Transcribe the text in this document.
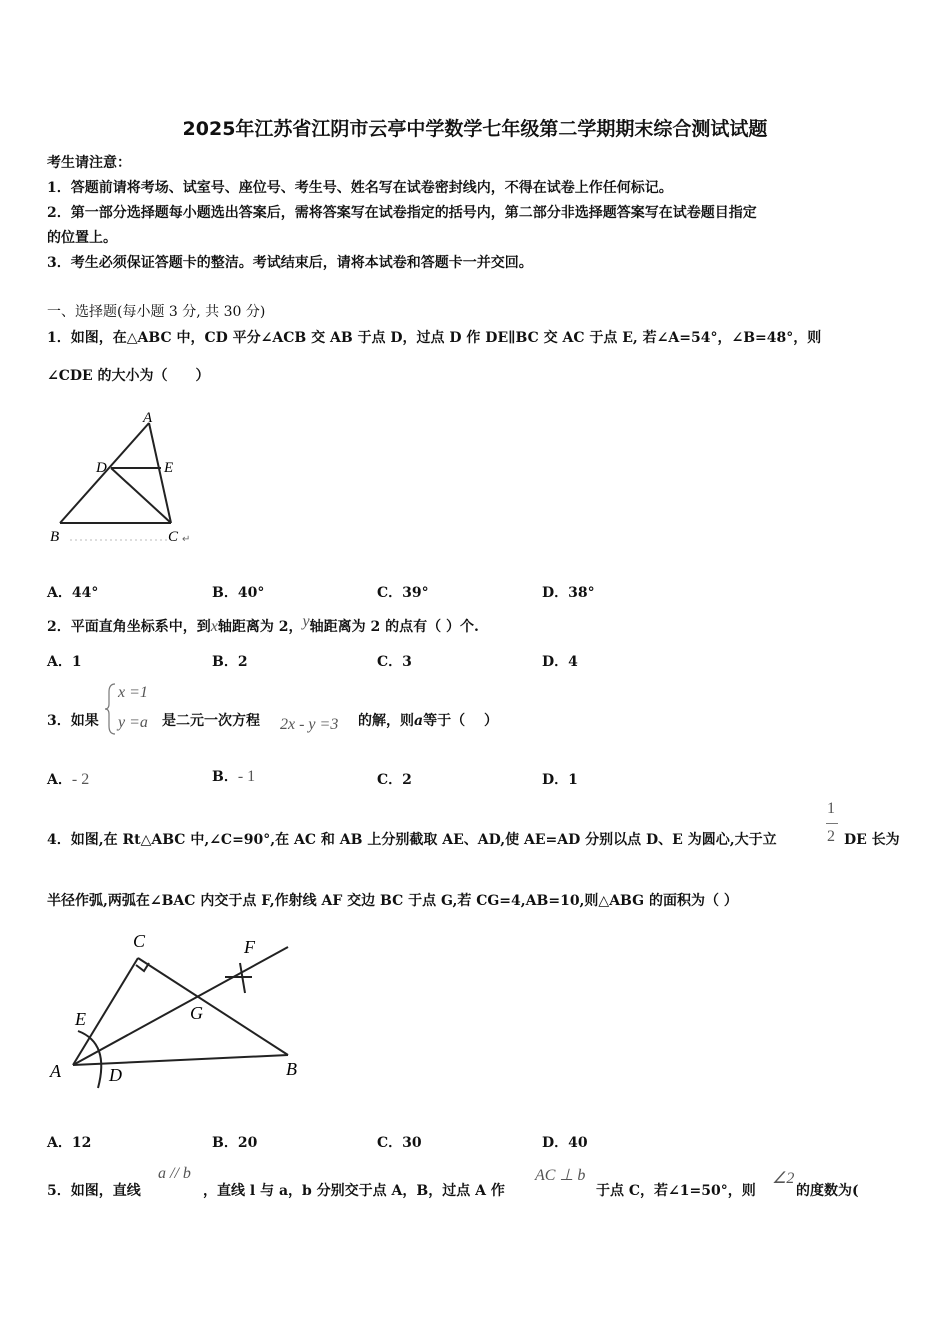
2025年江苏省江阴市云亭中学数学七年级第二学期期末综合测试试题
考生请注意：
1．答题前请将考场、试室号、座位号、考生号、姓名写在试卷密封线内，不得在试卷上作任何标记。
2．第一部分选择题每小题选出答案后，需将答案写在试卷指定的括号内，第二部分非选择题答案写在试卷题目指定
的位置上。
3．考生必须保证答题卡的整洁。考试结束后，请将本试卷和答题卡一并交回。
一、选择题(每小题 3 分, 共 30 分)
1．如图，在△ABC 中，CD 平分∠ACB 交 AB 于点 D，过点 D 作 DE∥BC 交 AC 于点 E, 若∠A=54°，∠B=48°，则
∠CDE 的大小为（　　）
A
D	E
B	C ↵
A．44°	B．40°	C．39°	D．38°
2．平面直角坐标系中，到x轴距离为 2，y轴距离为 2 的点有（ ）个.
A．1	B．2	C．3	D．4
3．如果
x =1
y =a 是二元一次方程 2x - y =3 的解，则a等于（　 ）
A．- 2	B．- 1	C．2	D．1
4．如图,在 Rt△ABC 中,∠C=90°,在 AC 和 AB 上分别截取 AE、AD,使 AE=AD 分别以点 D、E 为圆心,大于立
1
2 DE 长为
半径作弧,两弧在∠BAC 内交于点 F,作射线 AF 交边 BC 于点 G,若 CG=4,AB=10,则△ABG 的面积为（ ）
C	F
E	G
A	D	B
A．12	B．20	C．30	D．40
5．如图，直线
a // b
，直线 l 与 a，b 分别交于点 A，B，过点 A 作
AC ⊥ b
于点 C，若∠1=50°，则
∠2
的度数为(
